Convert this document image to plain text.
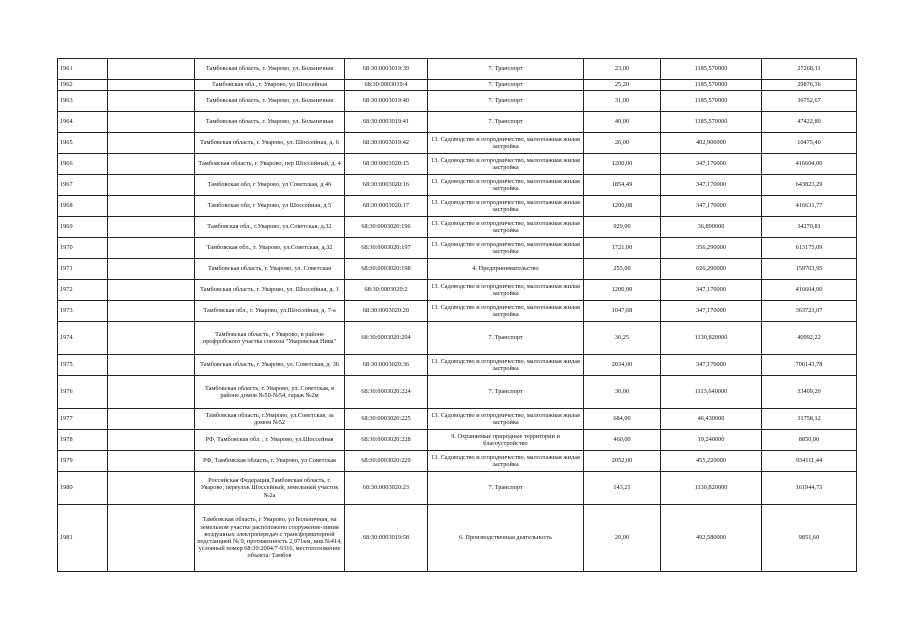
1961		Тамбовская область, г. Уварово, ул. Больничная	68:30:0003019:39	7. Транспорт	23,00	1185,570000	27268,11
1962		Тамбовская обл., г. Уварово, ул Шоссейная	68:30:0003019:4	7. Транспорт	25,20	1185,570000	29876,36
1963		Тамбовская область, г. Уварово, ул. Больничная	68:30:0003019:40	7. Транспорт	31,00	1185,570000	36752,67
1964		Тамбовская область, г. Уварово, ул. Больничная	68:30:0003019:41	7. Транспорт	40,00	1185,570000	47422,80
1965		Тамбовская область, г. Уварово, ул. Шоссейная, д. 6	68:30:0003019:42	13. Садоводство и огородничество, малоэтажная жилая застройка	26,00	402,900000	10475,40
1966		Тамбовская область, г. Уварово, пер Шоссейный, д. 4	68:30:0003020:15	13. Садоводство и огородничество, малоэтажная жилая застройка	1200,00	347,170000	416604,00
1967		Тамбовская обл, г Уварово, ул Советская, д 46	68:30:0003020:16	13. Садоводство и огородничество, малоэтажная жилая застройка	1854,49	347,170000	643823,29
1968		Тамбовская обл, г Уварово, ул Шоссейная, д 5	68:30:0003020:17	13. Садоводство и огородничество, малоэтажная жилая застройка	1200,08	347,170000	416631,77
1969		Тамбовская обл., г.Уварово, ул.Советская, д.32	68:30:0003020:196	13. Садоводство и огородничество, малоэтажная жилая застройка	929,00	36,890000	34270,81
1970		Тамбовская обл., г. Уварово, ул.Советская, д.32	68:30:0003020:197	13. Садоводство и огородничество, малоэтажная жилая застройка	1721,00	356,290000	613175,09
1971		Тамбовская область, г. Уварово, ул. Советская	68:30:0003020:198	4. Предпринимательство	255,00	626,290000	159703,95
1972		Тамбовская область, г. Уварово, ул. Шоссейная, д. 1	68:30:0003020:2	13. Садоводство и огородничество, малоэтажная жилая застройка	1200,00	347,170000	416604,00
1973		Тамбовская обл., г. Уварово, ул.Шоссейная, д. 7-а	68:30:0003020:20	13. Садоводство и огородничество, малоэтажная жилая застройка	1047,68	347,170000	363723,07
1974		Тамбовская область, г Уварово, в районе профробского участка совхоза "Уваровская Нива"	68:30:0003020:204	7. Транспорт	36,25	1130,820000	40992,22
1975		Тамбовская область, г. Уварово, ул. Советская, д. 36	68:30:0003020:36	13. Садоводство и огородничество, малоэтажная жилая застройка	2034,00	347,170000	706143,78
1976		Тамбовская область, г. Уварово, ул. Советская, в районе домов №50-№54, гараж №2м	68:30:0003020:224	7. Транспорт	30,00	1113,640000	33409,20
1977		Тамбовская область, г.Уварово, ул.Советская, за домом №52	68:30:0003020:225	13. Садоводство и огородничество, малоэтажная жилая застройка	684,00	46,430000	31758,12
1978		РФ, Тамбовская обл. , г. Уварово, ул.Шоссейная	68:30:0003020:228	9. Охраняемые природные территории и благоустройство	460,00	19,240000	8850,00
1979		РФ, Тамбовская область, г. Уварово, ул Советская	68:30:0003020:229	13. Садоводство и огородничество, малоэтажная жилая застройка	2052,00	455,220000	934111,44
1980		Российская Федерация,Тамбовская область, г. Уварово, переулок Шоссейный, земельный участок №2а	68:30:0003020:23	7. Транспорт	143,21	1130,820000	161944,73
1981		Тамбовская область, г Уварово, ул Больничная, на земельном участке расположено сооружение-линия воздушных электропередач с трансформаторной подстанцией № 9, протяженность 2,971км, инв.№414, условный номер 68:30:2004/7-9316, местоположение объекта: Тамбов	68:30:0003019:58	6. Производственная деятельность	20,00	492,580000	9851,60
